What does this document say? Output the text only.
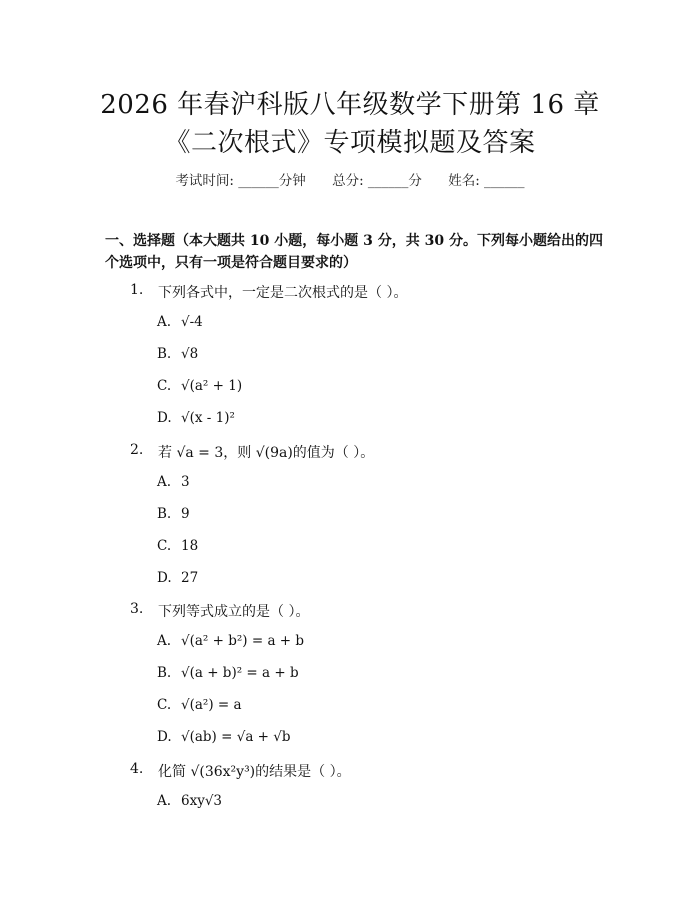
2026 年春沪科版八年级数学下册第 16 章
《二次根式》专项模拟题及答案
考试时间: ______分钟 总分: ______分 姓名: ______
一、选择题（本大题共 10 小题，每小题 3 分，共 30 分。下列每小题给出的四个选项中，只有一项是符合题目要求的）
1. 下列各式中，一定是二次根式的是（ ）。
A. √-4
B. √8
C. √(a² + 1)
D. √(x - 1)²
2. 若 √a = 3，则 √(9a)的值为（ ）。
A. 3
B. 9
C. 18
D. 27
3. 下列等式成立的是（ ）。
A. √(a² + b²) = a + b
B. √(a + b)² = a + b
C. √(a²) = a
D. √(ab) = √a + √b
4. 化简 √(36x²y³)的结果是（ ）。
A. 6xy√3
